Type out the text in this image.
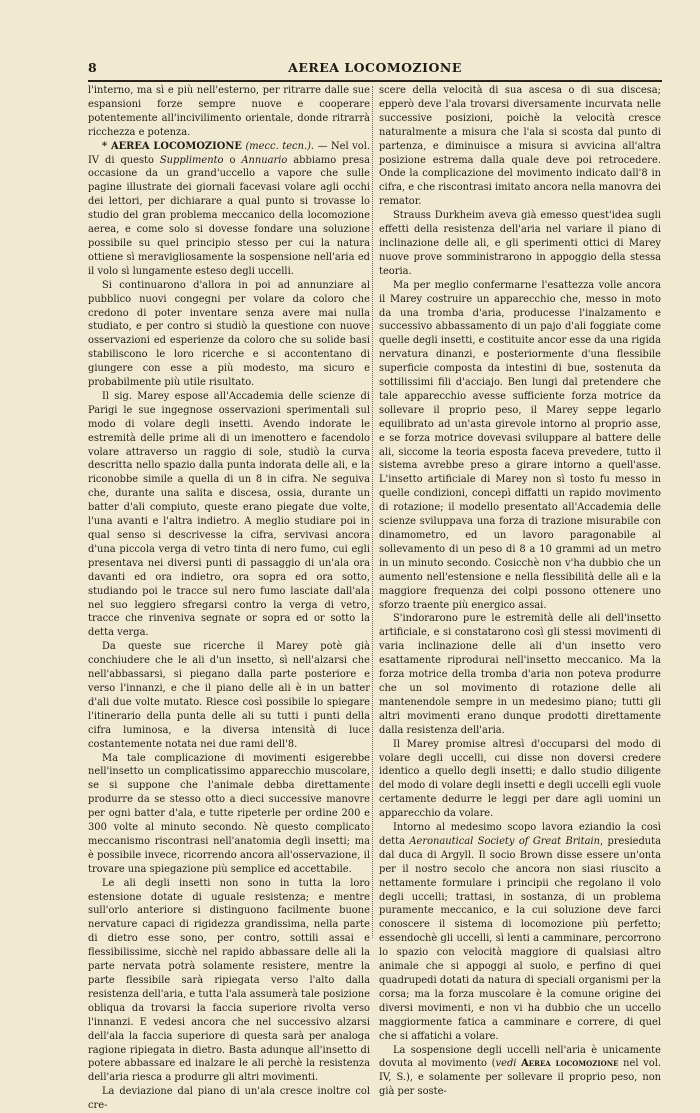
8	AEREA LOCOMOZIONE

l'interno, ma sì e più nell'esterno, per ritrarre dalle sue espansioni forze sempre nuove e cooperare potentemente all'incivilimento orientale, donde ritrarrà ricchezza e potenza.

* AEREA LOCOMOZIONE (mecc. tecn.). — Nel vol. IV di questo Supplimento o Annuario abbiamo presa occasione da un grand'uccello a vapore che sulle pagine illustrate dei giornali facevasi volare agli occhi dei lettori, per dichiarare a qual punto si trovasse lo studio del gran problema meccanico della locomozione aerea, e come solo si dovesse fondare una soluzione possibile su quel principio stesso per cui la natura ottiene sì meravigliosamente la sospensione nell'aria ed il volo sì lungamente esteso degli uccelli.

Si continuarono d'allora in poi ad annunziare al pubblico nuovi congegni per volare da coloro che credono di poter inventare senza avere mai nulla studiato, e per contro si studiò la questione con nuove osservazioni ed esperienze da coloro che su solide basi stabiliscono le loro ricerche e si accontentano di giungere con esse a più modesto, ma sicuro e probabilmente più utile risultato.

Il sig. Marey espose all'Accademia delle scienze di Parigi le sue ingegnose osservazioni sperimentali sul modo di volare degli insetti. Avendo indorate le estremità delle prime ali di un imenottero e facendolo volare attraverso un raggio di sole, studiò la curva descritta nello spazio dalla punta indorata delle ali, e la riconobbe simile a quella di un 8 in cifra. Ne seguiva che, durante una salita e discesa, ossia, durante un batter d'ali compiuto, queste erano piegate due volte, l'una avanti e l'altra indietro. A meglio studiare poi in qual senso si descrivesse la cifra, servivasi ancora d'una piccola verga di vetro tinta di nero fumo, cui egli presentava nei diversi punti di passaggio di un'ala ora davanti ed ora indietro, ora sopra ed ora sotto, studiando poi le tracce sul nero fumo lasciate dall'ala nel suo leggiero sfregarsi contro la verga di vetro, tracce che rinveniva segnate or sopra ed or sotto la detta verga.

Da queste sue ricerche il Marey potè già conchiudere che le ali d'un insetto, sì nell'alzarsi che nell'abbassarsi, si piegano dalla parte posteriore e verso l'innanzi, e che il piano delle ali è in un batter d'ali due volte mutato. Riesce così possibile lo spiegare l'itinerario della punta delle ali su tutti i punti della cifra luminosa, e la diversa intensità di luce costantemente notata nei due rami dell'8.

Ma tale complicazione di movimenti esigerebbe nell'insetto un complicatissimo apparecchio muscolare, se si suppone che l'animale debba direttamente produrre da se stesso otto a dieci successive manovre per ogni batter d'ala, e tutte ripeterle per ordine 200 e 300 volte al minuto secondo. Nè questo complicato meccanismo riscontrasi nell'anatomia degli insetti; ma è possibile invece, ricorrendo ancora all'osservazione, il trovare una spiegazione più semplice ed accettabile.

Le ali degli insetti non sono in tutta la loro estensione dotate di uguale resistenza; e mentre sull'orlo anteriore si distinguono facilmente buone nervature capaci di rigidezza grandissima, nella parte di dietro esse sono, per contro, sottili assai e flessibilissime, sicchè nel rapido abbassare delle ali la parte nervata potrà solamente resistere, mentre la parte flessibile sarà ripiegata verso l'alto dalla resistenza dell'aria, e tutta l'ala assumerà tale posizione obliqua da trovarsi la faccia superiore rivolta verso l'innanzi. E vedesi ancora che nel successivo alzarsi dell'ala la faccia superiore di questa sarà per analoga ragione ripiegata in dietro. Basta adunque all'insetto di potere abbassare ed inalzare le ali perchè la resistenza dell'aria riesca a produrre gli altri movimenti.

La deviazione dal piano di un'ala cresce inoltre col cre-

scere della velocità di sua ascesa o di sua discesa; epperò deve l'ala trovarsi diversamente incurvata nelle successive posizioni, poichè la velocità cresce naturalmente a misura che l'ala si scosta dal punto di partenza, e diminuisce a misura si avvicina all'altra posizione estrema dalla quale deve poi retrocedere. Onde la complicazione del movimento indicato dall'8 in cifra, e che riscontrasi imitato ancora nella manovra dei remator.

Strauss Durkheim aveva già emesso quest'idea sugli effetti della resistenza dell'aria nel variare il piano di inclinazione delle ali, e gli sperimenti ottici di Marey nuove prove somministrarono in appoggio della stessa teoria.

Ma per meglio confermarne l'esattezza volle ancora il Marey costruire un apparecchio che, messo in moto da una tromba d'aria, producesse l'inalzamento e successivo abbassamento di un pajo d'ali foggiate come quelle degli insetti, e costituite ancor esse da una rigida nervatura dinanzi, e posteriormente d'una flessibile superficie composta da intestini di bue, sostenuta da sottilissimi fili d'acciajo. Ben lungi dal pretendere che tale apparecchio avesse sufficiente forza motrice da sollevare il proprio peso, il Marey seppe legarlo equilibrato ad un'asta girevole intorno al proprio asse, e se forza motrice dovevasi sviluppare al battere delle ali, siccome la teoria esposta faceva prevedere, tutto il sistema avrebbe preso a girare intorno a quell'asse. L'insetto artificiale di Marey non sì tosto fu messo in quelle condizioni, concepì diffatti un rapido movimento di rotazione; il modello presentato all'Accademia delle scienze sviluppava una forza di trazione misurabile con dinamometro, ed un lavoro paragonabile al sollevamento di un peso di 8 a 10 grammi ad un metro in un minuto secondo. Cosicchè non v'ha dubbio che un aumento nell'estensione e nella flessibilità delle ali e la maggiore frequenza dei colpi possono ottenere uno sforzo traente più energico assai.

S'indorarono pure le estremità delle ali dell'insetto artificiale, e si constatarono così gli stessi movimenti di varia inclinazione delle ali d'un insetto vero esattamente riprodurai nell'insetto meccanico. Ma la forza motrice della tromba d'aria non poteva produrre che un sol movimento di rotazione delle ali mantenendole sempre in un medesimo piano; tutti gli altri movimenti erano dunque prodotti direttamente dalla resistenza dell'aria.

Il Marey promise altresì d'occuparsi del modo di volare degli uccelli, cui disse non doversi credere identico a quello degli insetti; e dallo studio diligente del modo di volare degli insetti e degli uccelli egli vuole certamente dedurre le leggi per dare agli uomini un apparecchio da volare.

Intorno al medesimo scopo lavora eziandio la così detta Aeronautical Society of Great Britain, presieduta dal duca di Argyll. Il socio Brown disse essere un'onta per il nostro secolo che ancora non siasi riuscito a nettamente formulare i principii che regolano il volo degli uccelli; trattasi, in sostanza, di un problema puramente meccanico, e la cui soluzione deve farci conoscere il sistema di locomozione più perfetto; essendochè gli uccelli, sì lenti a camminare, percorrono lo spazio con velocità maggiore di qualsiasi altro animale che si appoggi al suolo, e perfino di quei quadrupedi dotati da natura di speciali organismi per la corsa; ma la forza muscolare è la comune origine dei diversi movimenti, e non vi ha dubbio che un uccello maggiormente fatica a camminare e correre, di quel che si affatichi a volare.

La sospensione degli uccelli nell'aria è unicamente dovuta al movimento (vedi Aerea locomozione nel vol. IV, S.), e solamente per sollevare il proprio peso, non già per soste-
